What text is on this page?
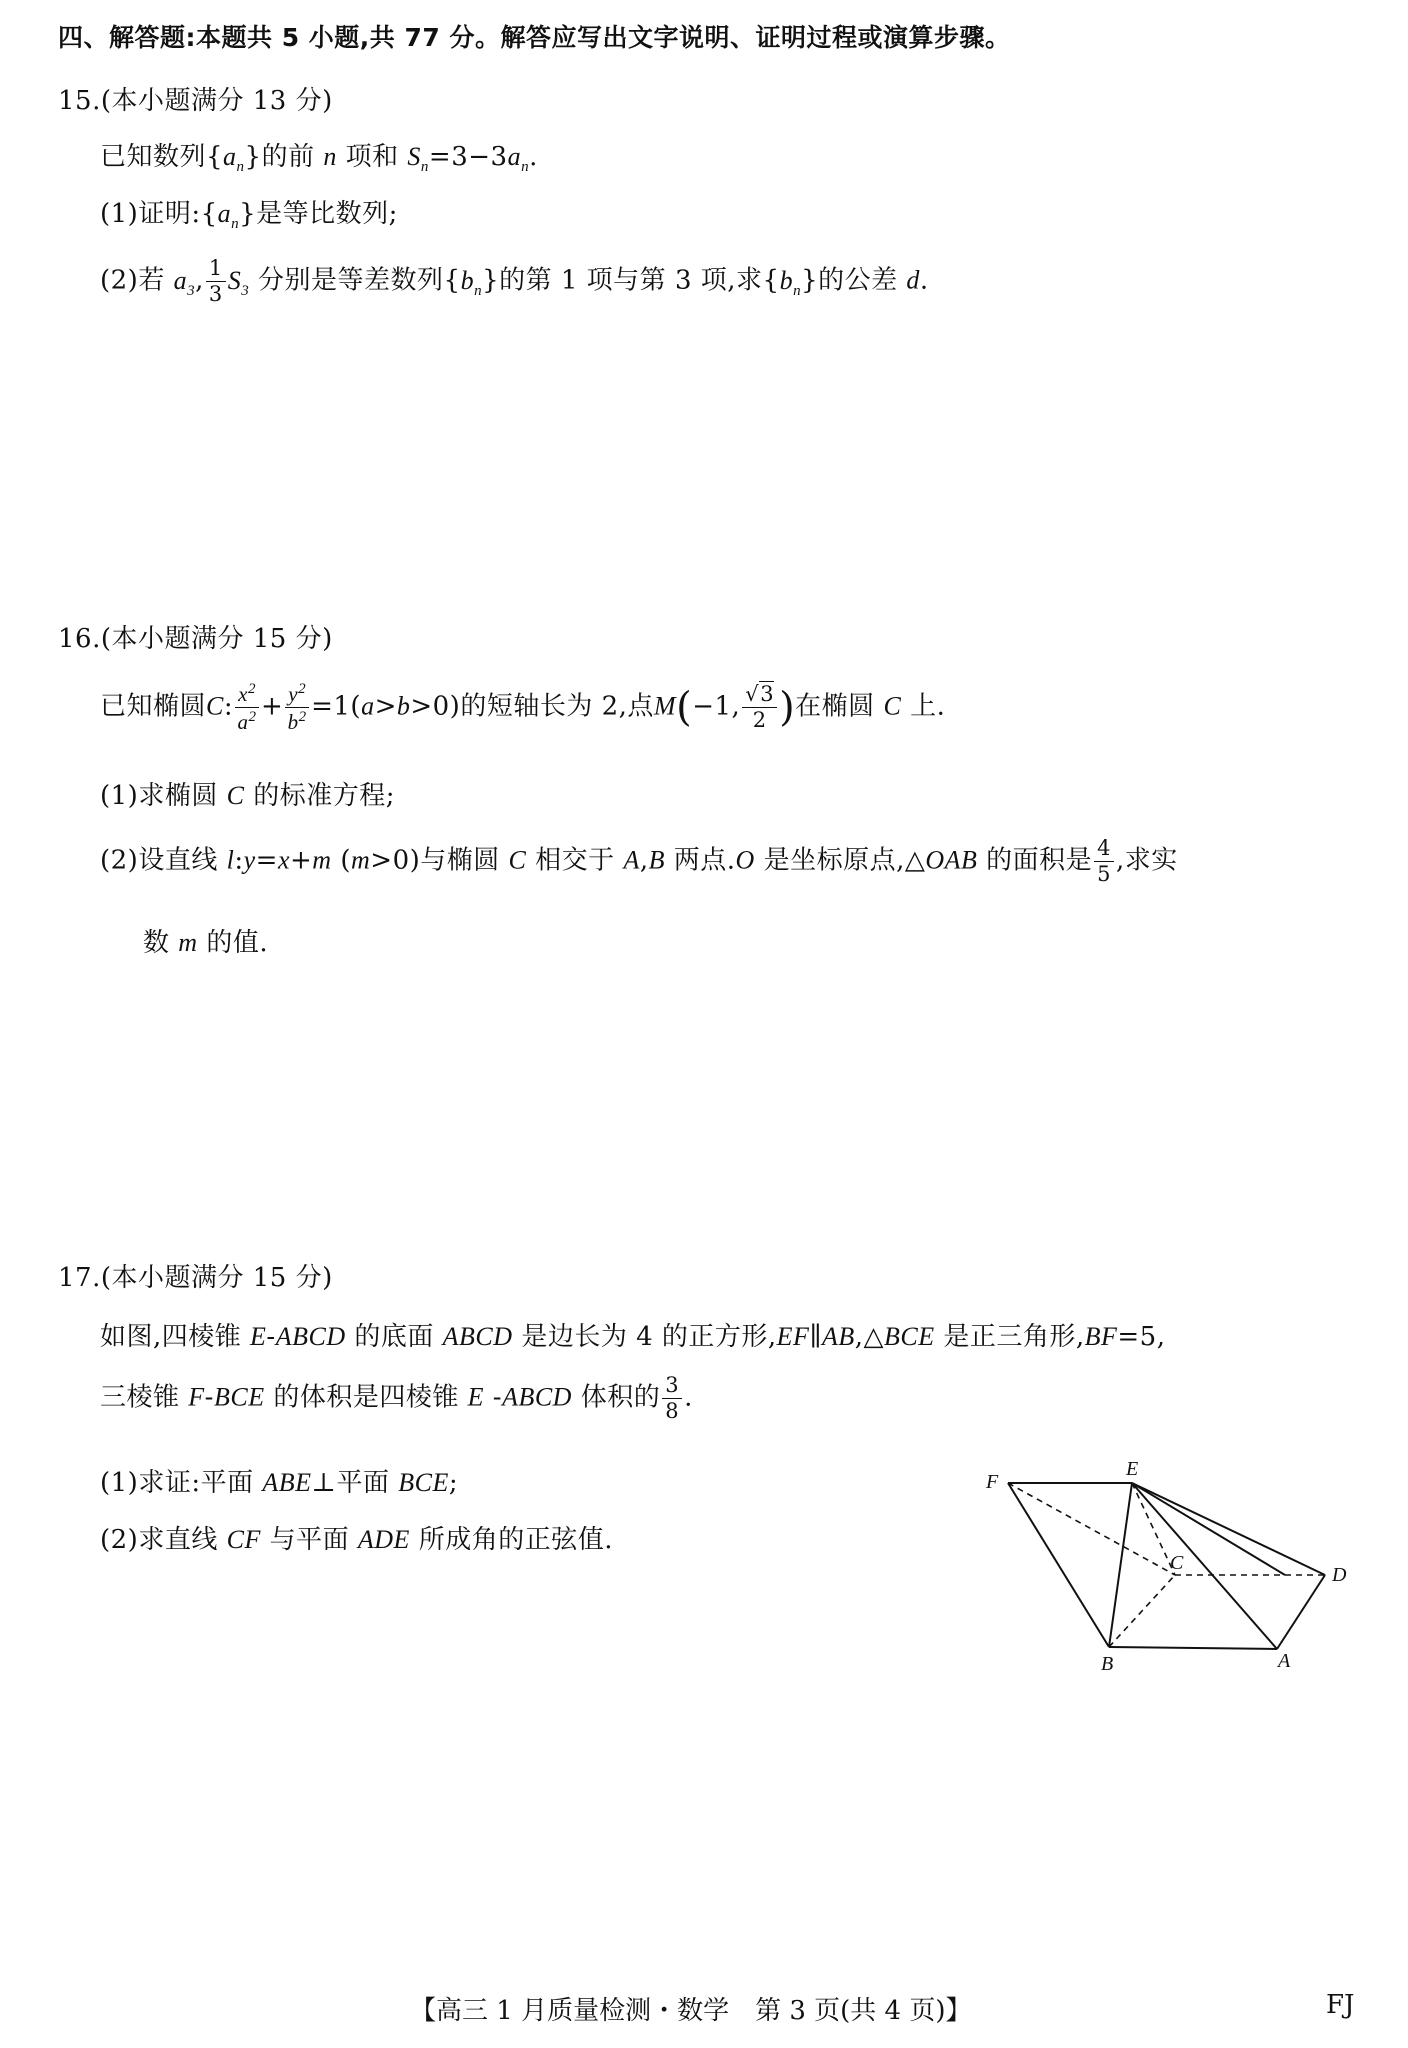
四、解答题:本题共 5 小题,共 77 分。解答应写出文字说明、证明过程或演算步骤。
15.(本小题满分 13 分)
已知数列$\{a_n\}$的前 n 项和 $S_n=3-3a_n$.
(1)证明$:\{a_n\}$是等比数列;
(2)若 $a_3$, $\frac{1}{3} S_3$ 分别是等差数列$\{b_n\}$的第 1 项与第 3 项,求$\{b_n\}$的公差 d.
16.(本小题满分 15 分)
已知椭圆C: $\frac{x^2}{a^2} + \frac{y^2}{b^2} =1(a>b>0)$的短轴长为 2,点M(−1, $\frac{√3}{2}$ )在椭圆 C 上.
(1)求椭圆 C 的标准方程;
(2)设直线 l:y=x+m (m>0)与椭圆 C 相交于 A,B 两点.O 是坐标原点,△OAB 的面积是 $\frac{4}{5}$ ,求实
数 m 的值.
17.(本小题满分 15 分)
如图,四棱锥 E-ABCD 的底面 ABCD 是边长为 4 的正方形,EF∥AB,△BCE 是正三角形,BF=5,
三棱锥 F-BCE 的体积是四棱锥 E -ABCD 体积的 $\frac{3}{8}$ .
(1)求证:平面 ABE⊥平面 BCE;
(2)求直线 CF 与平面 ADE 所成角的正弦值.
F
E
C
D
B	A
【高三 1 月质量检测・数学　第 3 页(共 4 页)】	FJ
